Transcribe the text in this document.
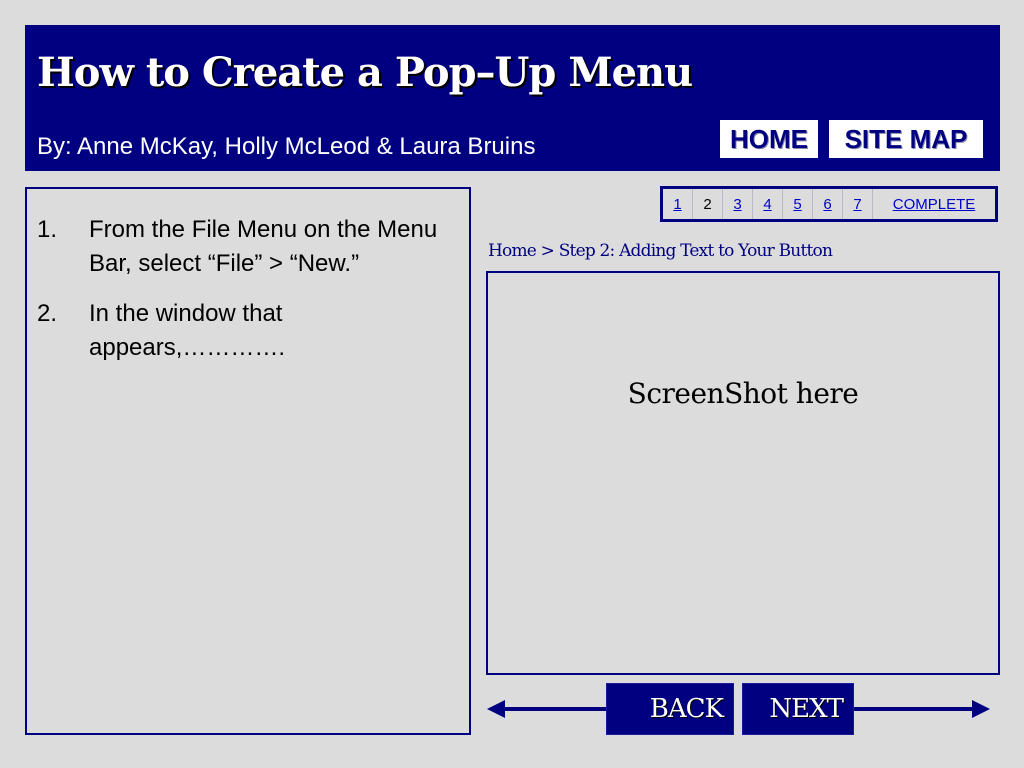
How to Create a Pop–Up Menu
By: Anne McKay, Holly McLeod & Laura Bruins	HOME	SITE MAP
1.	From the File Menu on the Menu Bar, select “File” > “New.”
2.	In the window that appears,………….
1	2	3	4	5	6	7	COMPLETE
Home > Step 2: Adding Text to Your Button
ScreenShot here
BACK	NEXT
